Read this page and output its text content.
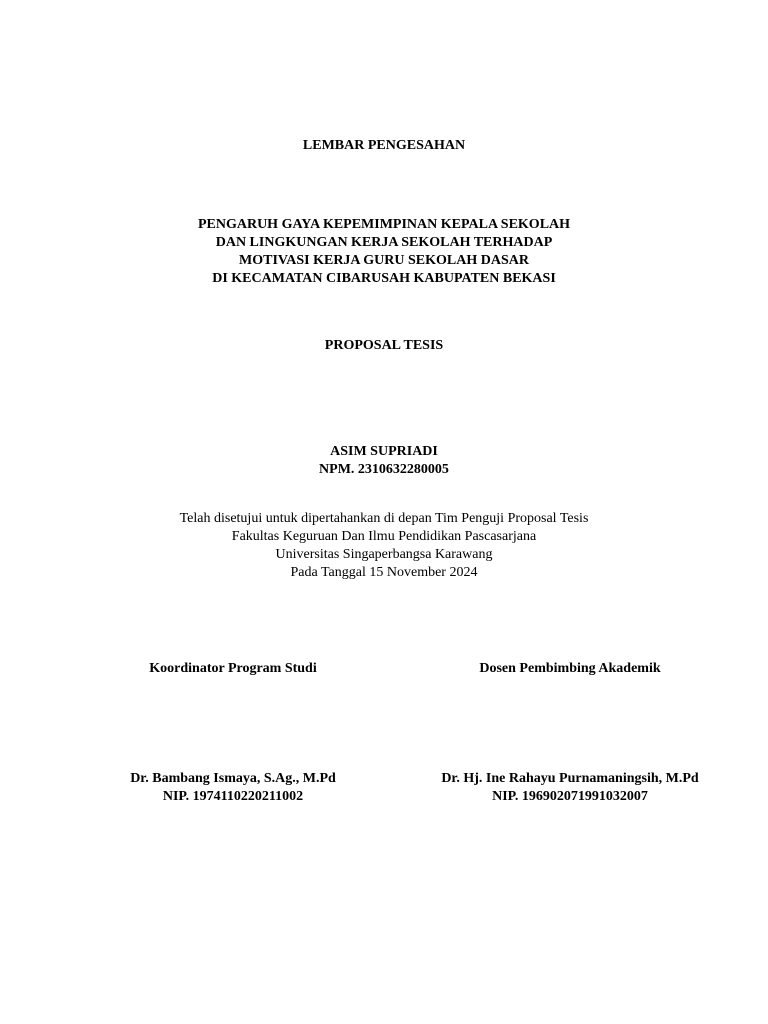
LEMBAR PENGESAHAN
PENGARUH GAYA KEPEMIMPINAN KEPALA SEKOLAH
DAN LINGKUNGAN KERJA SEKOLAH TERHADAP
MOTIVASI KERJA GURU SEKOLAH DASAR
DI KECAMATAN CIBARUSAH KABUPATEN BEKASI
PROPOSAL TESIS
ASIM SUPRIADI
NPM. 2310632280005
Telah disetujui untuk dipertahankan di depan Tim Penguji Proposal Tesis
Fakultas Keguruan Dan Ilmu Pendidikan Pascasarjana
Universitas Singaperbangsa Karawang
Pada Tanggal 15 November 2024
Koordinator Program Studi	Dosen Pembimbing Akademik
Dr. Bambang Ismaya, S.Ag., M.Pd
NIP. 1974110220211002
Dr. Hj. Ine Rahayu Purnamaningsih, M.Pd
NIP. 196902071991032007
